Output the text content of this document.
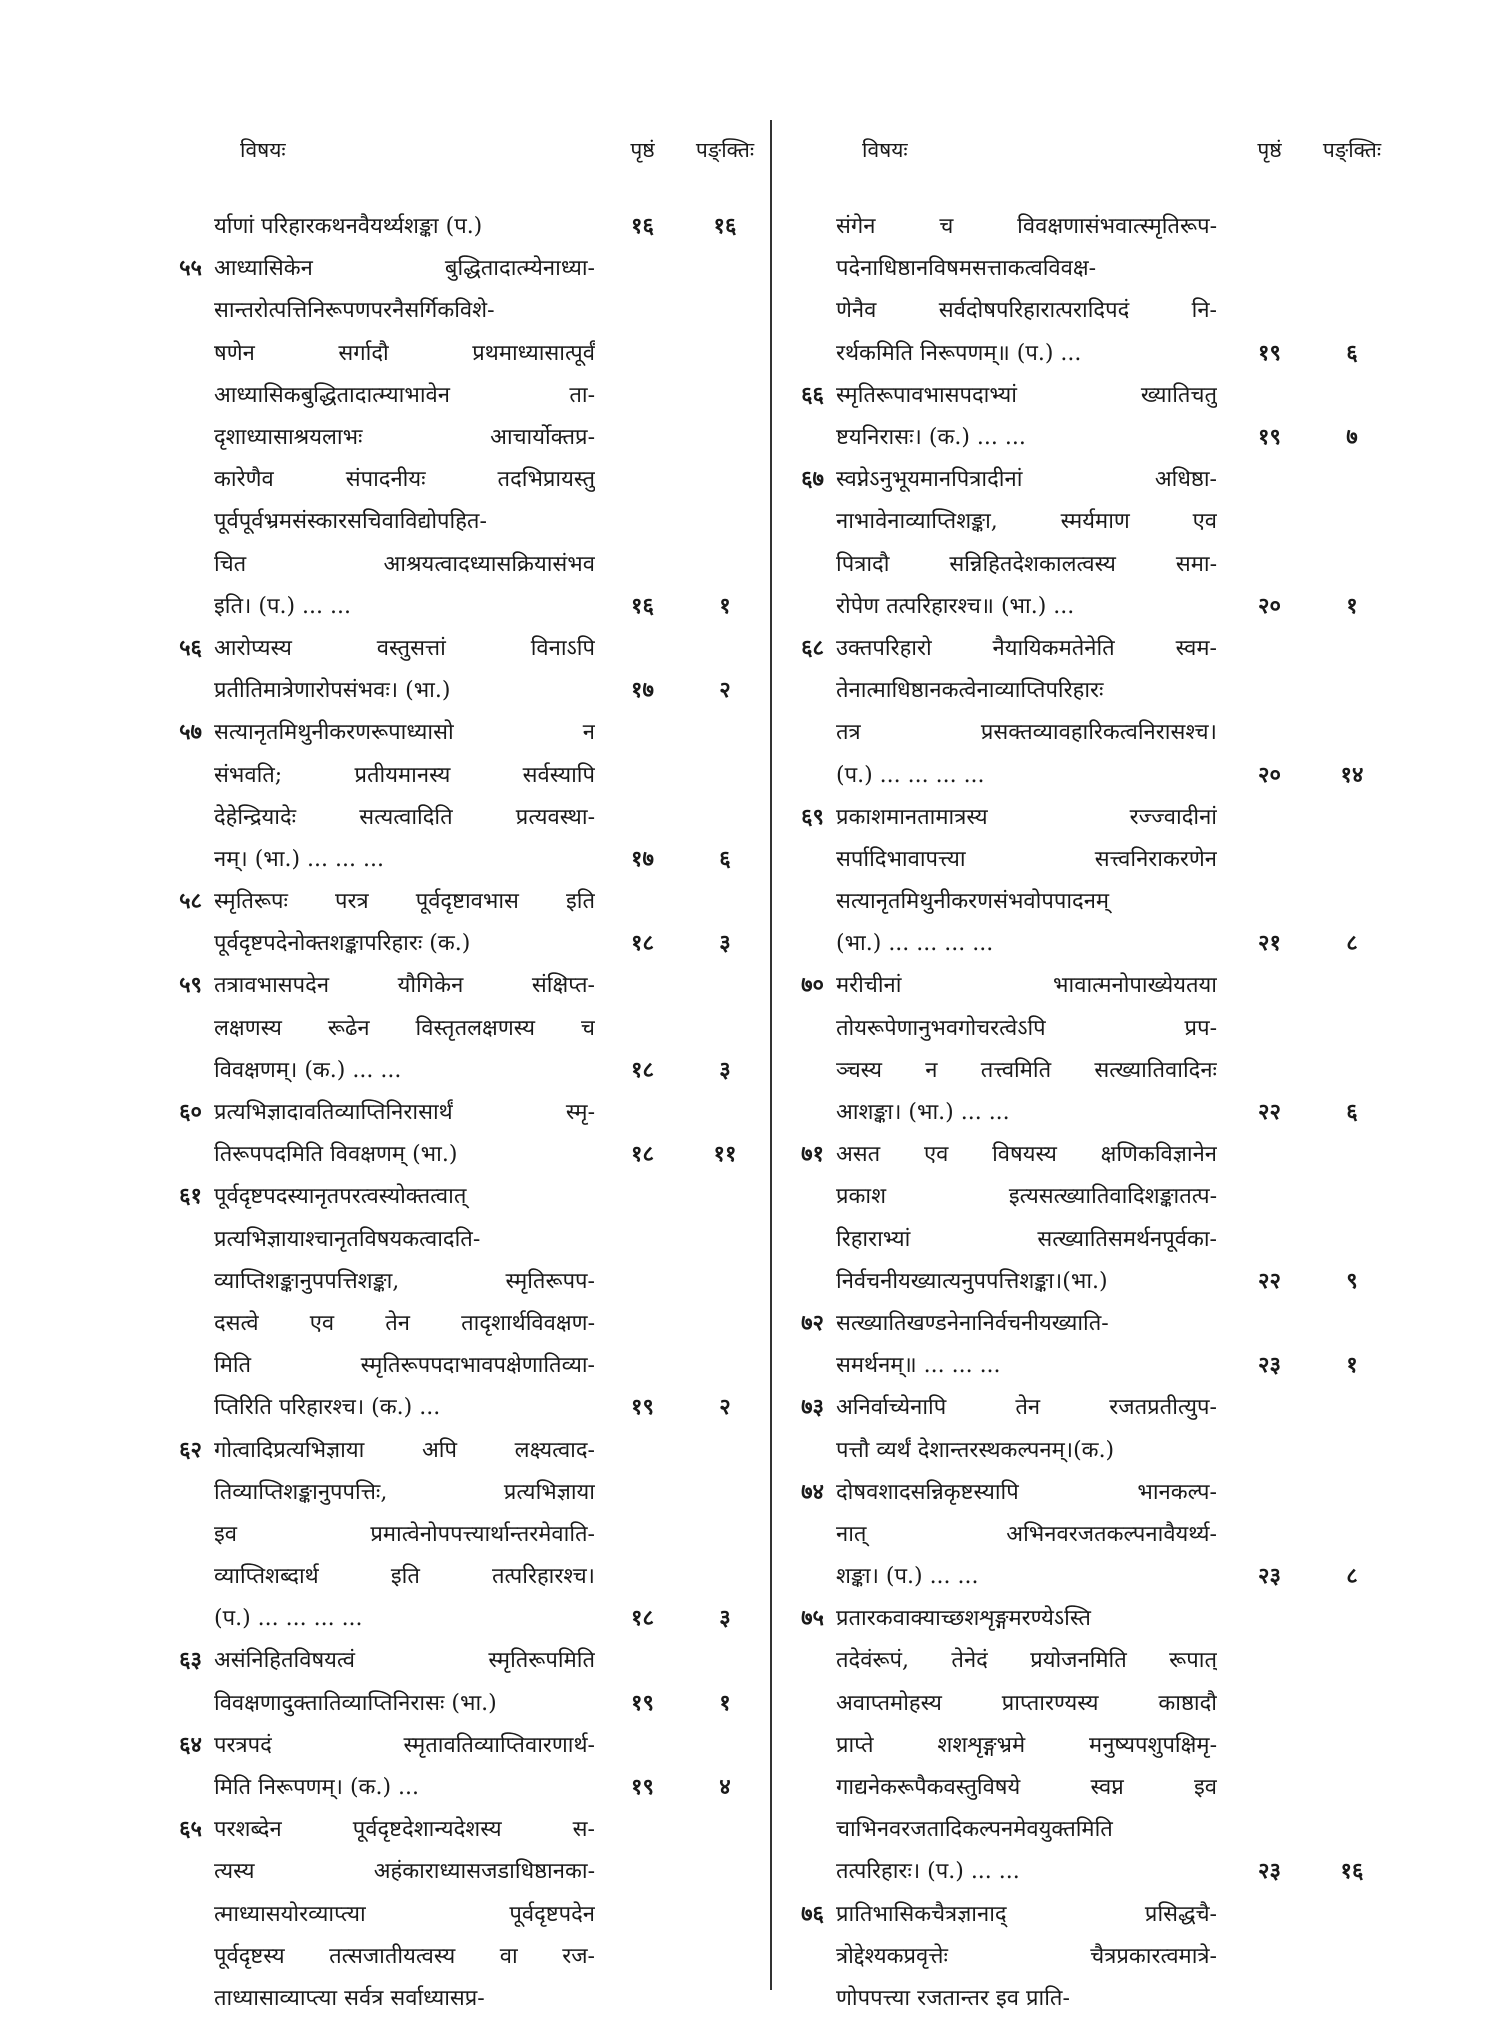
विषयः	पृष्ठं	पङ्क्तिः
र्याणां परिहारकथनवैयर्थ्यशङ्का (प.)	१६	१६
५५ आध्यासिकेन बुद्धितादात्म्येनाध्या-
सान्तरोत्पत्तिनिरूपणपरनैसर्गिकविशे-
षणेन सर्गादौ प्रथमाध्यासात्पूर्वं
आध्यासिकबुद्धितादात्म्याभावेन ता-
दृशाध्यासाश्रयलाभः आचार्योक्तप्र-
कारेणैव संपादनीयः तदभिप्रायस्तु
पूर्वपूर्वभ्रमसंस्कारसचिवाविद्योपहित-
चित आश्रयत्वादध्यासक्रियासंभव
इति। (प.) ... ...	१६	१
५६ आरोप्यस्य वस्तुसत्तां विनाऽपि
प्रतीतिमात्रेणारोपसंभवः। (भा.)	१७	२
५७ सत्यानृतमिथुनीकरणरूपाध्यासो न
संभवति; प्रतीयमानस्य सर्वस्यापि
देहेन्द्रियादेः सत्यत्वादिति प्रत्यवस्था-
नम्। (भा.) ... ... ...	१७	६
५८ स्मृतिरूपः परत्र पूर्वदृष्टावभास इति
पूर्वदृष्टपदेनोक्तशङ्कापरिहारः (क.)	१८	३
५९ तत्रावभासपदेन यौगिकेन संक्षिप्त-
लक्षणस्य रूढेन विस्तृतलक्षणस्य च
विवक्षणम्। (क.) ... ...	१८	३
६० प्रत्यभिज्ञादावतिव्याप्तिनिरासार्थं स्मृ-
तिरूपपदमिति विवक्षणम् (भा.)	१८	११
६१ पूर्वदृष्टपदस्यानृतपरत्वस्योक्तत्वात्
प्रत्यभिज्ञायाश्चानृतविषयकत्वादति-
व्याप्तिशङ्कानुपपत्तिशङ्का, स्मृतिरूपप-
दसत्वे एव तेन तादृशार्थविवक्षण-
मिति स्मृतिरूपपदाभावपक्षेणातिव्या-
प्तिरिति परिहारश्च। (क.) ...	१९	२
६२ गोत्वादिप्रत्यभिज्ञाया अपि लक्ष्यत्वाद-
तिव्याप्तिशङ्कानुपपत्तिः, प्रत्यभिज्ञाया
इव प्रमात्वेनोपपत्त्यार्थान्तरमेवाति-
व्याप्तिशब्दार्थ इति तत्परिहारश्च।
(प.) ... ... ... ...	१८	३
६३ असंनिहितविषयत्वं स्मृतिरूपमिति
विवक्षणादुक्तातिव्याप्तिनिरासः (भा.)	१९	१
६४ परत्रपदं स्मृतावतिव्याप्तिवारणार्थ-
मिति निरूपणम्। (क.) ...	१९	४
६५ परशब्देन पूर्वदृष्टदेशान्यदेशस्य स-
त्यस्य अहंकाराध्यासजडाधिष्ठानका-
त्माध्यासयोरव्याप्त्या पूर्वदृष्टपदेन
पूर्वदृष्टस्य तत्सजातीयत्वस्य वा रज-
ताध्यासाव्याप्त्या सर्वत्र सर्वाध्यासप्र-
विषयः	पृष्ठं	पङ्क्तिः
संगेन च विवक्षणासंभवात्स्मृतिरूप-
पदेनाधिष्ठानविषमसत्ताकत्वविवक्ष-
णेनैव सर्वदोषपरिहारात्परादिपदं नि-
रर्थकमिति निरूपणम्॥ (प.) ...	१९	६
६६ स्मृतिरूपावभासपदाभ्यां ख्यातिचतु
ष्टयनिरासः। (क.) ... ...	१९	७
६७ स्वप्नेऽनुभूयमानपित्रादीनां अधिष्ठा-
नाभावेनाव्याप्तिशङ्का, स्मर्यमाण एव
पित्रादौ सन्निहितदेशकालत्वस्य समा-
रोपेण तत्परिहारश्च॥ (भा.) ...	२०	१
६८ उक्तपरिहारो नैयायिकमतेनेति स्वम-
तेनात्माधिष्ठानकत्वेनाव्याप्तिपरिहारः
तत्र प्रसक्तव्यावहारिकत्वनिरासश्च।
(प.) ... ... ... ...	२०	१४
६९ प्रकाशमानतामात्रस्य रज्ज्वादीनां
सर्पादिभावापत्त्या सत्त्वनिराकरणेन
सत्यानृतमिथुनीकरणसंभवोपपादनम्
(भा.) ... ... ... ...	२१	८
७० मरीचीनां भावात्मनोपाख्येयतया
तोयरूपेणानुभवगोचरत्वेऽपि प्रप-
ञ्चस्य न तत्त्वमिति सत्ख्यातिवादिनः
आशङ्का। (भा.) ... ...	२२	६
७१ असत एव विषयस्य क्षणिकविज्ञानेन
प्रकाश इत्यसत्ख्यातिवादिशङ्कातत्प-
रिहाराभ्यां सत्ख्यातिसमर्थनपूर्वका-
निर्वचनीयख्यात्यनुपपत्तिशङ्का।(भा.)	२२	९
७२ सत्ख्यातिखण्डनेनानिर्वचनीयख्याति-
समर्थनम्॥ ... ... ...	२३	१
७३ अनिर्वाच्येनापि तेन रजतप्रतीत्युप-
पत्तौ व्यर्थं देशान्तरस्थकल्पनम्।(क.)
७४ दोषवशादसन्निकृष्टस्यापि भानकल्प-
नात् अभिनवरजतकल्पनावैयर्थ्य-
शङ्का। (प.) ... ...	२३	८
७५ प्रतारकवाक्याच्छशशृङ्गमरण्येऽस्ति
तदेवंरूपं, तेनेदं प्रयोजनमिति रूपात्
अवाप्तमोहस्य प्राप्तारण्यस्य काष्ठादौ
प्राप्ते शशशृङ्गभ्रमे मनुष्यपशुपक्षिमृ-
गाद्यनेकरूपैकवस्तुविषये स्वप्न इव
चाभिनवरजतादिकल्पनमेवयुक्तमिति
तत्परिहारः। (प.) ... ...	२३	१६
७६ प्रातिभासिकचैत्रज्ञानाद् प्रसिद्धचै-
त्रोद्देश्यकप्रवृत्तेः चैत्रप्रकारत्वमात्रे-
णोपपत्त्या रजतान्तर इव प्राति-
